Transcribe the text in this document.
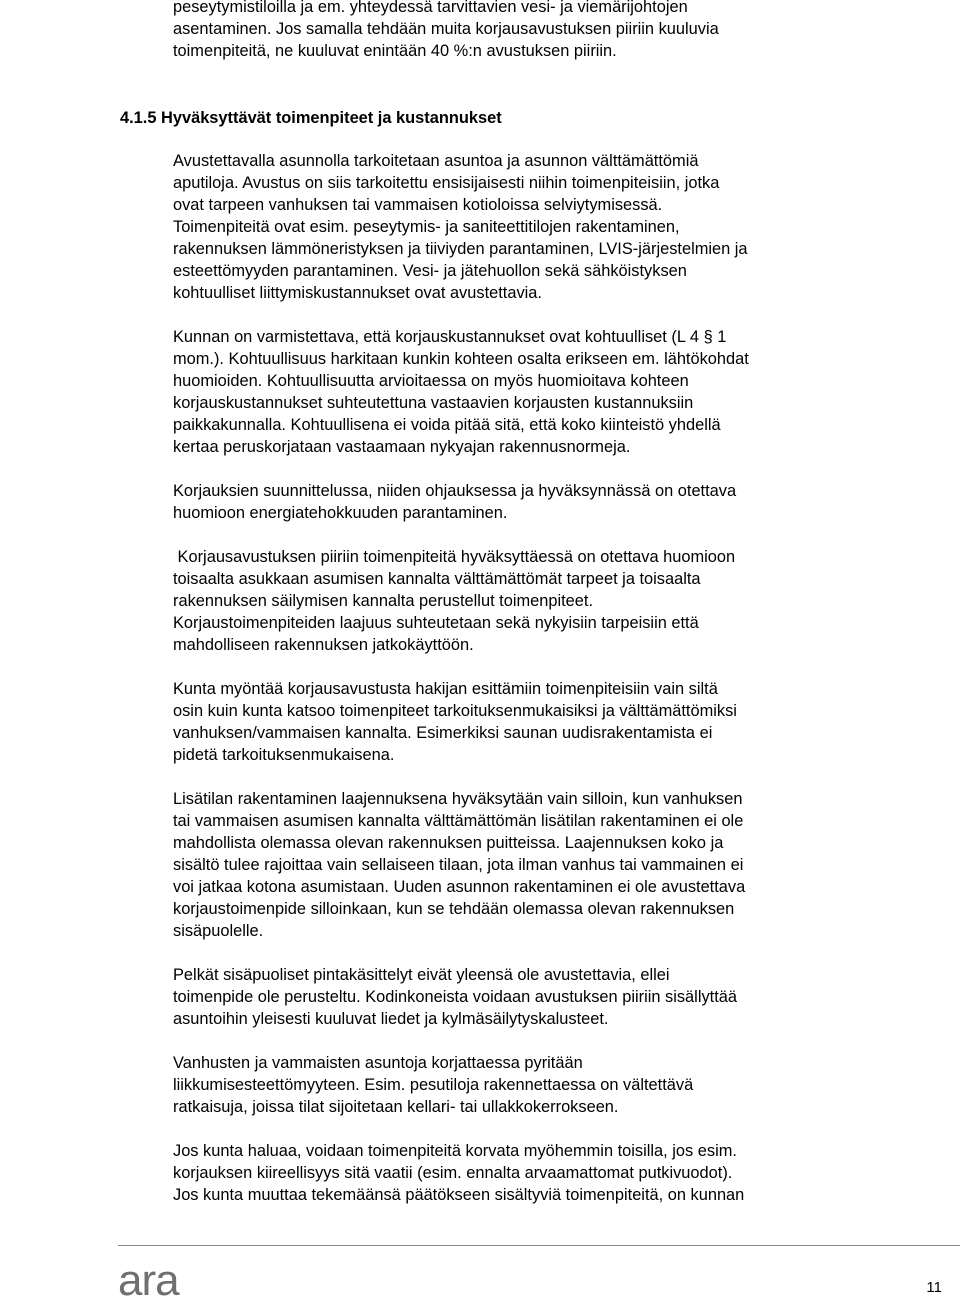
peseytymistiloilla ja em. yhteydessä tarvittavien vesi- ja viemärijohtojen
asentaminen. Jos samalla tehdään muita korjausavustuksen piiriin kuuluvia
toimenpiteitä, ne kuuluvat enintään 40 %:n avustuksen piiriin.
Avustettavalla asunnolla tarkoitetaan asuntoa ja asunnon välttämättömiä
aputiloja. Avustus on siis tarkoitettu ensisijaisesti niihin toimenpiteisiin, jotka
ovat tarpeen vanhuksen tai vammaisen kotioloissa selviytymisessä.
Toimenpiteitä ovat esim. peseytymis- ja saniteettitilojen rakentaminen,
rakennuksen lämmöneristyksen ja tiiviyden parantaminen, LVIS-järjestelmien ja
esteettömyyden parantaminen. Vesi- ja jätehuollon sekä sähköistyksen
kohtuulliset liittymiskustannukset ovat avustettavia.
Kunnan on varmistettava, että korjauskustannukset ovat kohtuulliset (L 4 § 1
mom.). Kohtuullisuus harkitaan kunkin kohteen osalta erikseen em. lähtökohdat
huomioiden. Kohtuullisuutta arvioitaessa on myös huomioitava kohteen
korjauskustannukset suhteutettuna vastaavien korjausten kustannuksiin
paikkakunnalla. Kohtuullisena ei voida pitää sitä, että koko kiinteistö yhdellä
kertaa peruskorjataan vastaamaan nykyajan rakennusnormeja.
Korjauksien suunnittelussa, niiden ohjauksessa ja hyväksynnässä on otettava
huomioon energiatehokkuuden parantaminen.
Korjausavustuksen piiriin toimenpiteitä hyväksyttäessä on otettava huomioon
toisaalta asukkaan asumisen kannalta välttämättömät tarpeet ja toisaalta
rakennuksen säilymisen kannalta perustellut toimenpiteet.
Korjaustoimenpiteiden laajuus suhteutetaan sekä nykyisiin tarpeisiin että
mahdolliseen rakennuksen jatkokäyttöön.
Kunta myöntää korjausavustusta hakijan esittämiin toimenpiteisiin vain siltä
osin kuin kunta katsoo toimenpiteet tarkoituksenmukaisiksi ja välttämättömiksi
vanhuksen/vammaisen kannalta. Esimerkiksi saunan uudisrakentamista ei
pidetä tarkoituksenmukaisena.
Lisätilan rakentaminen laajennuksena hyväksytään vain silloin, kun vanhuksen
tai vammaisen asumisen kannalta välttämättömän lisätilan rakentaminen ei ole
mahdollista olemassa olevan rakennuksen puitteissa. Laajennuksen koko ja
sisältö tulee rajoittaa vain sellaiseen tilaan, jota ilman vanhus tai vammainen ei
voi jatkaa kotona asumistaan. Uuden asunnon rakentaminen ei ole avustettava
korjaustoimenpide silloinkaan, kun se tehdään olemassa olevan rakennuksen
sisäpuolelle.
Pelkät sisäpuoliset pintakäsittelyt eivät yleensä ole avustettavia, ellei
toimenpide ole perusteltu. Kodinkoneista voidaan avustuksen piiriin sisällyttää
asuntoihin yleisesti kuuluvat liedet ja kylmäsäilytyskalusteet.
Vanhusten ja vammaisten asuntoja korjattaessa pyritään
liikkumisesteettömyyteen. Esim. pesutiloja rakennettaessa on vältettävä
ratkaisuja, joissa tilat sijoitetaan kellari- tai ullakkokerrokseen.
Jos kunta haluaa, voidaan toimenpiteitä korvata myöhemmin toisilla, jos esim.
korjauksen kiireellisyys sitä vaatii (esim. ennalta arvaamattomat putkivuodot).
Jos kunta muuttaa tekemäänsä päätökseen sisältyviä toimenpiteitä, on kunnan
4.1.5 Hyväksyttävät toimenpiteet ja kustannukset
ara	11
